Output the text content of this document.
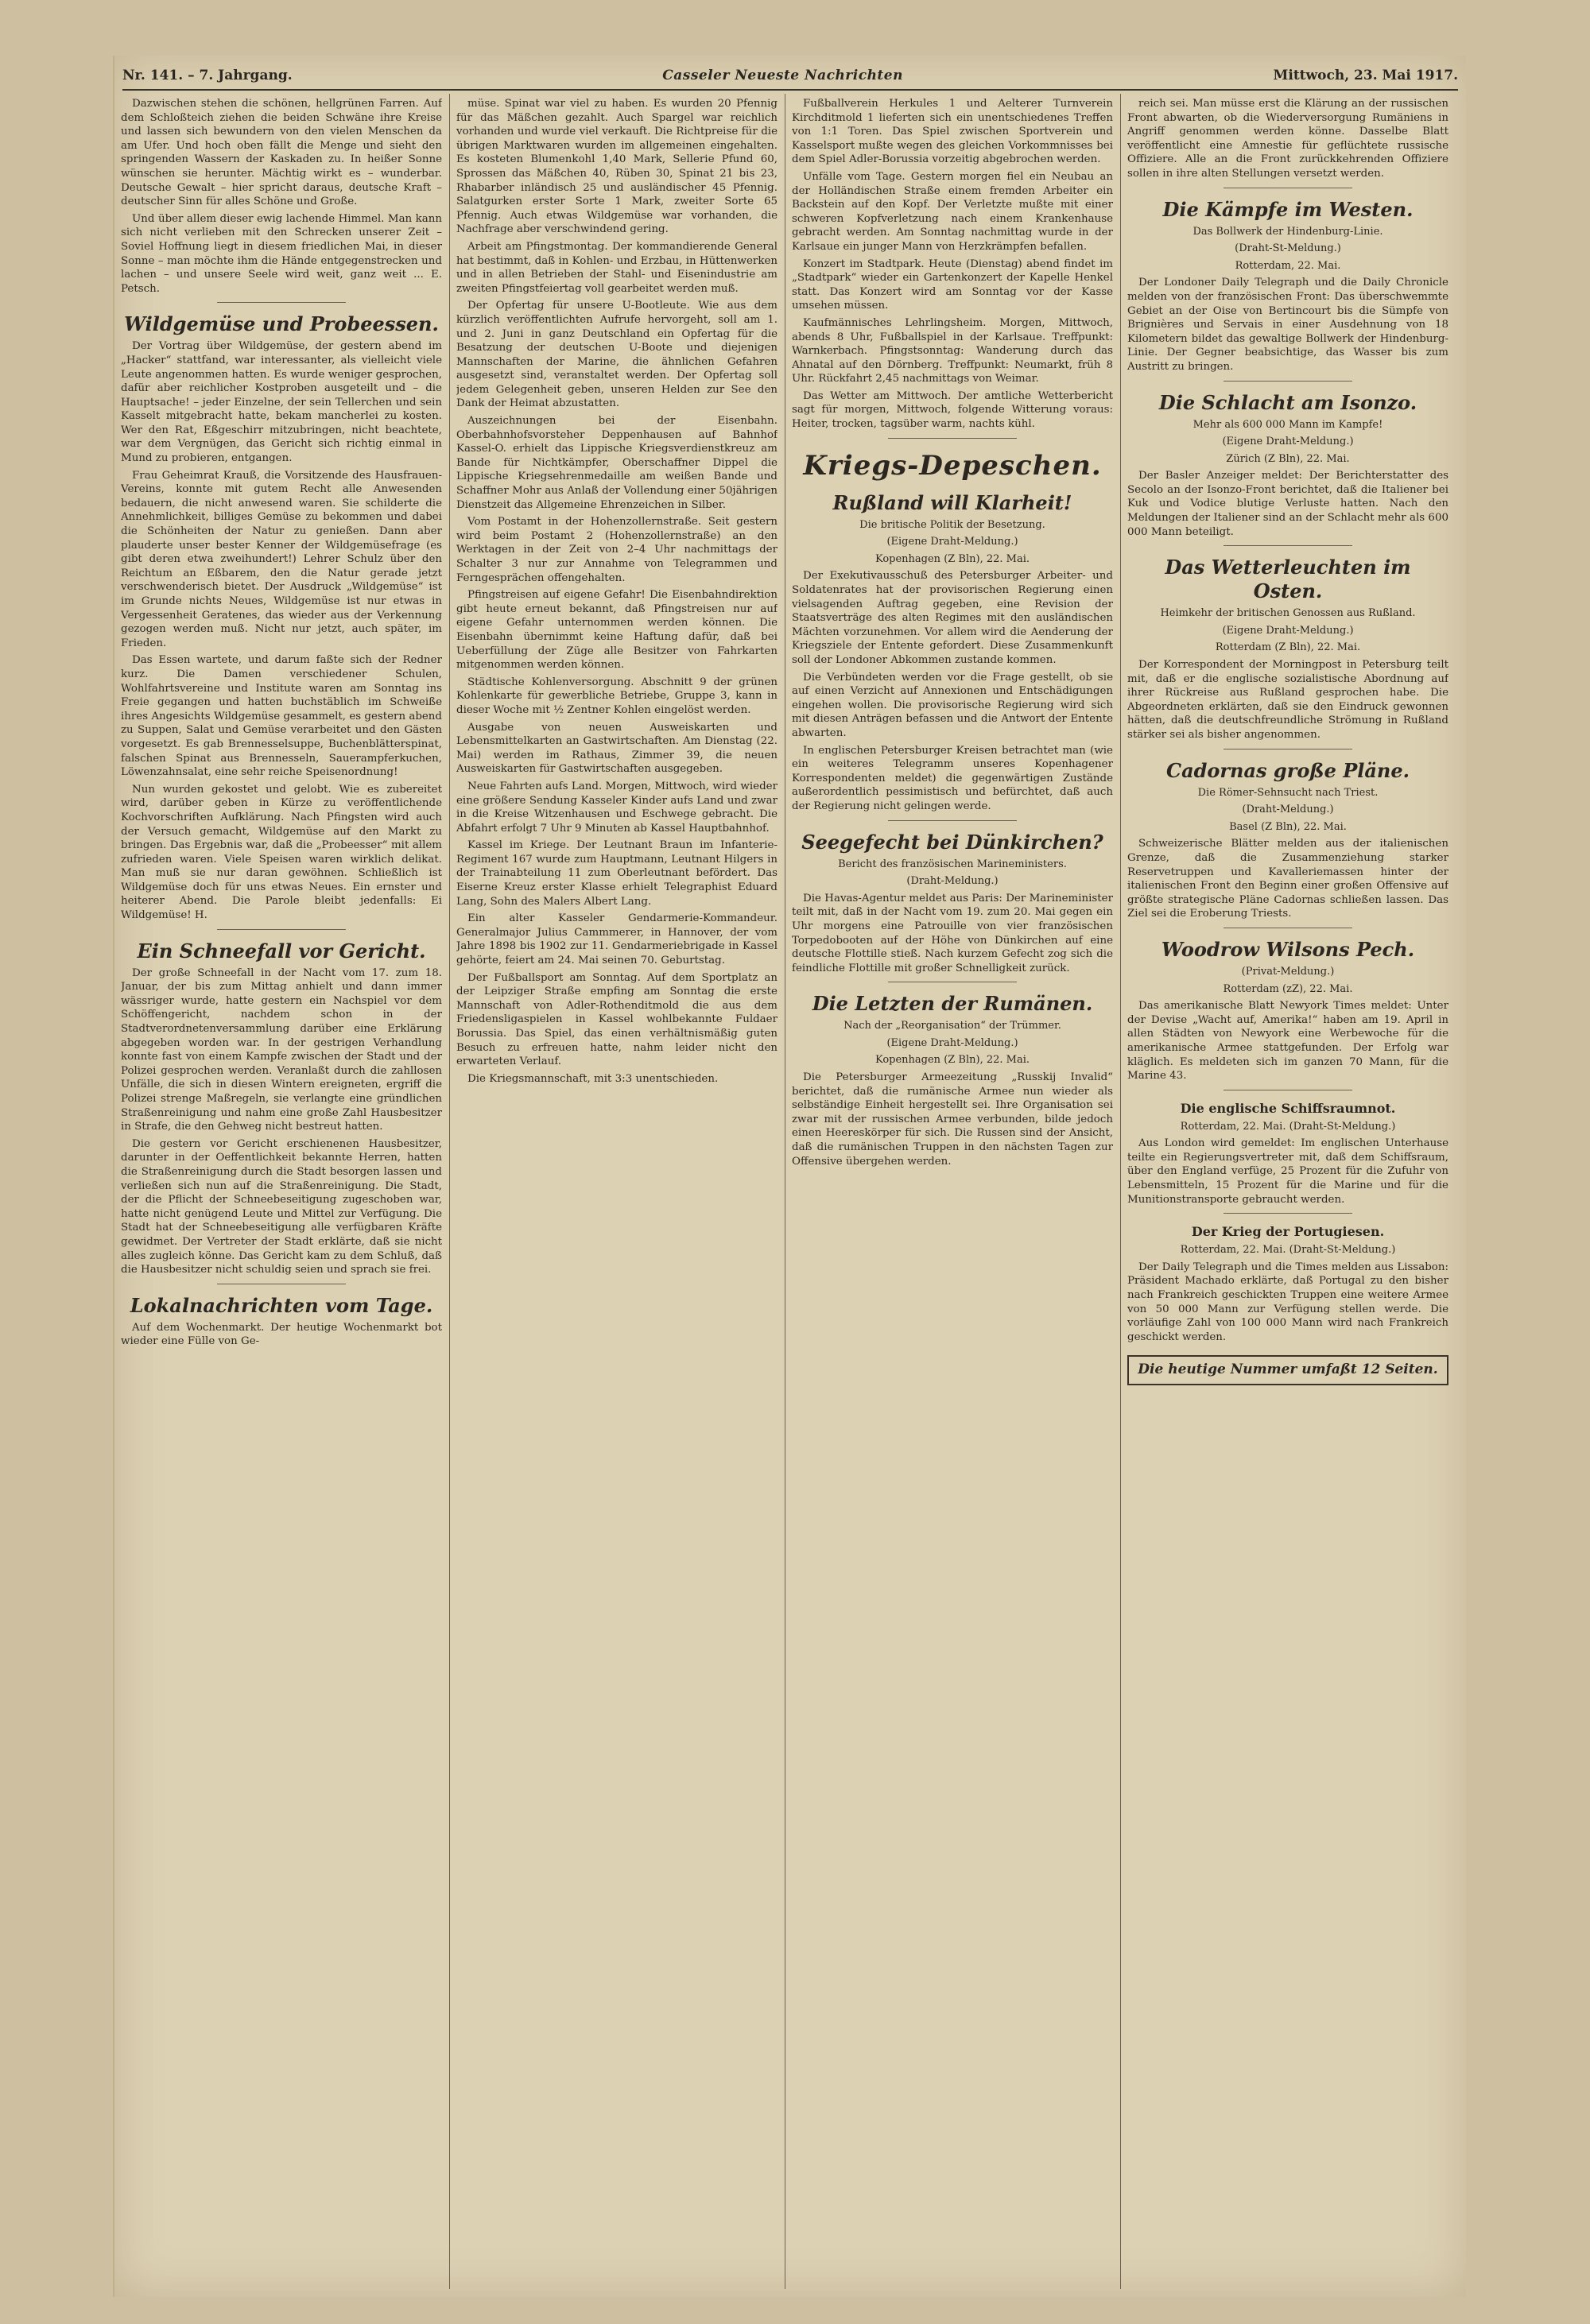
Nr. 141. – 7. Jahrgang.	Casseler Neueste Nachrichten	Mittwoch, 23. Mai 1917.

Dazwischen stehen die schönen, hellgrünen Farren. Auf dem Schloßteich ziehen die beiden Schwäne ihre Kreise und lassen sich bewundern von den vielen Menschen da am Ufer. Und hoch oben fällt die Menge und sieht den springenden Wassern der Kaskaden zu. In heißer Sonne wünschen sie herunter. Mächtig wirkt es – wunderbar. Deutsche Gewalt – hier spricht daraus, deutsche Kraft – deutscher Sinn für alles Schöne und Große.

Und über allem dieser ewig lachende Himmel. Man kann sich nicht verlieben mit den Schrecken unserer Zeit – Soviel Hoffnung liegt in diesem friedlichen Mai, in dieser Sonne – man möchte ihm die Hände entgegenstrecken und lachen – und unsere Seele wird weit, ganz weit ... E. Petsch.

Wildgemüse und Probeessen.

Der Vortrag über Wildgemüse, der gestern abend im „Hacker“ stattfand, war interessanter, als vielleicht viele Leute angenommen hatten. Es wurde weniger gesprochen, dafür aber reichlicher Kostproben ausgeteilt und – die Hauptsache! – jeder Einzelne, der sein Tellerchen und sein Kasselt mitgebracht hatte, bekam mancherlei zu kosten. Wer den Rat, Eßgeschirr mitzubringen, nicht beachtete, war dem Vergnügen, das Gericht sich richtig einmal in Mund zu probieren, entgangen.

Frau Geheimrat Krauß, die Vorsitzende des Hausfrauen-Vereins, konnte mit gutem Recht alle Anwesenden bedauern, die nicht anwesend waren. Sie schilderte die Annehmlichkeit, billiges Gemüse zu bekommen und dabei die Schönheiten der Natur zu genießen. Dann aber plauderte unser bester Kenner der Wildgemüsefrage (es gibt deren etwa zweihundert!) Lehrer Schulz über den Reichtum an Eßbarem, den die Natur gerade jetzt verschwenderisch bietet. Der Ausdruck „Wildgemüse“ ist im Grunde nichts Neues, Wildgemüse ist nur etwas in Vergessenheit Geratenes, das wieder aus der Verkennung gezogen werden muß. Nicht nur jetzt, auch später, im Frieden.

Das Essen wartete, und darum faßte sich der Redner kurz. Die Damen verschiedener Schulen, Wohlfahrtsvereine und Institute waren am Sonntag ins Freie gegangen und hatten buchstäblich im Schweiße ihres Angesichts Wildgemüse gesammelt, es gestern abend zu Suppen, Salat und Gemüse verarbeitet und den Gästen vorgesetzt. Es gab Brennesselsuppe, Buchenblätterspinat, falschen Spinat aus Brennesseln, Sauerampferkuchen, Löwenzahnsalat, eine sehr reiche Speisenordnung!

Nun wurden gekostet und gelobt. Wie es zubereitet wird, darüber geben in Kürze zu veröffentlichende Kochvorschriften Aufklärung. Nach Pfingsten wird auch der Versuch gemacht, Wildgemüse auf den Markt zu bringen. Das Ergebnis war, daß die „Probeesser“ mit allem zufrieden waren. Viele Speisen waren wirklich delikat. Man muß sie nur daran gewöhnen. Schließlich ist Wildgemüse doch für uns etwas Neues. Ein ernster und heiterer Abend. Die Parole bleibt jedenfalls: Ei Wildgemüse! H.

Ein Schneefall vor Gericht.

Der große Schneefall in der Nacht vom 17. zum 18. Januar, der bis zum Mittag anhielt und dann immer wässriger wurde, hatte gestern ein Nachspiel vor dem Schöffengericht, nachdem schon in der Stadtverordnetenversammlung darüber eine Erklärung abgegeben worden war. In der gestrigen Verhandlung konnte fast von einem Kampfe zwischen der Stadt und der Polizei gesprochen werden. Veranlaßt durch die zahllosen Unfälle, die sich in diesen Wintern ereigneten, ergriff die Polizei strenge Maßregeln, sie verlangte eine gründlichen Straßenreinigung und nahm eine große Zahl Hausbesitzer in Strafe, die den Gehweg nicht bestreut hatten.

Die gestern vor Gericht erschienenen Hausbesitzer, darunter in der Oeffentlichkeit bekannte Herren, hatten die Straßenreinigung durch die Stadt besorgen lassen und verließen sich nun auf die Straßenreinigung. Die Stadt, der die Pflicht der Schneebeseitigung zugeschoben war, hatte nicht genügend Leute und Mittel zur Verfügung. Die Stadt hat der Schneebeseitigung alle verfügbaren Kräfte gewidmet. Der Vertreter der Stadt erklärte, daß sie nicht alles zugleich könne. Das Gericht kam zu dem Schluß, daß die Hausbesitzer nicht schuldig seien und sprach sie frei.

Lokalnachrichten vom Tage.

Auf dem Wochenmarkt. Der heutige Wochenmarkt bot wieder eine Fülle von Ge-

müse. Spinat war viel zu haben. Es wurden 20 Pfennig für das Mäßchen gezahlt. Auch Spargel war reichlich vorhanden und wurde viel verkauft. Die Richtpreise für die übrigen Marktwaren wurden im allgemeinen eingehalten. Es kosteten Blumenkohl 1,40 Mark, Sellerie Pfund 60, Sprossen das Mäßchen 40, Rüben 30, Spinat 21 bis 23, Rhabarber inländisch 25 und ausländischer 45 Pfennig. Salatgurken erster Sorte 1 Mark, zweiter Sorte 65 Pfennig. Auch etwas Wildgemüse war vorhanden, die Nachfrage aber verschwindend gering.

Arbeit am Pfingstmontag. Der kommandierende General hat bestimmt, daß in Kohlen- und Erzbau, in Hüttenwerken und in allen Betrieben der Stahl- und Eisenindustrie am zweiten Pfingstfeiertag voll gearbeitet werden muß.

Der Opfertag für unsere U-Bootleute. Wie aus dem kürzlich veröffentlichten Aufrufe hervorgeht, soll am 1. und 2. Juni in ganz Deutschland ein Opfertag für die Besatzung der deutschen U-Boote und diejenigen Mannschaften der Marine, die ähnlichen Gefahren ausgesetzt sind, veranstaltet werden. Der Opfertag soll jedem Gelegenheit geben, unseren Helden zur See den Dank der Heimat abzustatten.

Auszeichnungen bei der Eisenbahn. Oberbahnhofsvorsteher Deppenhausen auf Bahnhof Kassel-O. erhielt das Lippische Kriegsverdienstkreuz am Bande für Nichtkämpfer, Oberschaffner Dippel die Lippische Kriegsehrenmedaille am weißen Bande und Schaffner Mohr aus Anlaß der Vollendung einer 50jährigen Dienstzeit das Allgemeine Ehrenzeichen in Silber.

Vom Postamt in der Hohenzollernstraße. Seit gestern wird beim Postamt 2 (Hohenzollernstraße) an den Werktagen in der Zeit von 2–4 Uhr nachmittags der Schalter 3 nur zur Annahme von Telegrammen und Ferngesprächen offengehalten.

Pfingstreisen auf eigene Gefahr! Die Eisenbahndirektion gibt heute erneut bekannt, daß Pfingstreisen nur auf eigene Gefahr unternommen werden können. Die Eisenbahn übernimmt keine Haftung dafür, daß bei Ueberfüllung der Züge alle Besitzer von Fahrkarten mitgenommen werden können.

Städtische Kohlenversorgung. Abschnitt 9 der grünen Kohlenkarte für gewerbliche Betriebe, Gruppe 3, kann in dieser Woche mit ½ Zentner Kohlen eingelöst werden.

Ausgabe von neuen Ausweiskarten und Lebensmittelkarten an Gastwirtschaften. Am Dienstag (22. Mai) werden im Rathaus, Zimmer 39, die neuen Ausweiskarten für Gastwirtschaften ausgegeben.

Neue Fahrten aufs Land. Morgen, Mittwoch, wird wieder eine größere Sendung Kasseler Kinder aufs Land und zwar in die Kreise Witzenhausen und Eschwege gebracht. Die Abfahrt erfolgt 7 Uhr 9 Minuten ab Kassel Hauptbahnhof.

Kassel im Kriege. Der Leutnant Braun im Infanterie-Regiment 167 wurde zum Hauptmann, Leutnant Hilgers in der Trainabteilung 11 zum Oberleutnant befördert. Das Eiserne Kreuz erster Klasse erhielt Telegraphist Eduard Lang, Sohn des Malers Albert Lang.

Ein alter Kasseler Gendarmerie-Kommandeur. Generalmajor Julius Cammmerer, in Hannover, der vom Jahre 1898 bis 1902 zur 11. Gendarmeriebrigade in Kassel gehörte, feiert am 24. Mai seinen 70. Geburtstag.

Der Fußballsport am Sonntag. Auf dem Sportplatz an der Leipziger Straße empfing am Sonntag die erste Mannschaft von Adler-Rothenditmold die aus dem Friedensligaspielen in Kassel wohlbekannte Fuldaer Borussia. Das Spiel, das einen verhältnismäßig guten Besuch zu erfreuen hatte, nahm leider nicht den erwarteten Verlauf.

Die Kriegsmannschaft, mit 3:3 unentschieden.

Fußballverein Herkules 1 und Aelterer Turnverein Kirchditmold 1 lieferten sich ein unentschiedenes Treffen von 1:1 Toren. Das Spiel zwischen Sportverein und Kasselsport mußte wegen des gleichen Vorkommnisses bei dem Spiel Adler-Borussia vorzeitig abgebrochen werden.

Unfälle vom Tage. Gestern morgen fiel ein Neubau an der Holländischen Straße einem fremden Arbeiter ein Backstein auf den Kopf. Der Verletzte mußte mit einer schweren Kopfverletzung nach einem Krankenhause gebracht werden. Am Sonntag nachmittag wurde in der Karlsaue ein junger Mann von Herzkrämpfen befallen.

Konzert im Stadtpark. Heute (Dienstag) abend findet im „Stadtpark“ wieder ein Gartenkonzert der Kapelle Henkel statt. Das Konzert wird am Sonntag vor der Kasse umsehen müssen.

Kaufmännisches Lehrlingsheim. Morgen, Mittwoch, abends 8 Uhr, Fußballspiel in der Karlsaue. Treffpunkt: Warnkerbach. Pfingstsonntag: Wanderung durch das Ahnatal auf den Dörnberg. Treffpunkt: Neumarkt, früh 8 Uhr. Rückfahrt 2,45 nachmittags von Weimar.

Das Wetter am Mittwoch. Der amtliche Wetterbericht sagt für morgen, Mittwoch, folgende Witterung voraus: Heiter, trocken, tagsüber warm, nachts kühl.

Kriegs-Depeschen.
Rußland will Klarheit!
Die britische Politik der Besetzung.
(Eigene Draht-Meldung.)
Kopenhagen (Z Bln), 22. Mai.

Der Exekutivausschuß des Petersburger Arbeiter- und Soldatenrates hat der provisorischen Regierung einen vielsagenden Auftrag gegeben, eine Revision der Staatsverträge des alten Regimes mit den ausländischen Mächten vorzunehmen. Vor allem wird die Aenderung der Kriegsziele der Entente gefordert. Diese Zusammenkunft soll der Londoner Abkommen zustande kommen.

Die Verbündeten werden vor die Frage gestellt, ob sie auf einen Verzicht auf Annexionen und Entschädigungen eingehen wollen. Die provisorische Regierung wird sich mit diesen Anträgen befassen und die Antwort der Entente abwarten.

In englischen Petersburger Kreisen betrachtet man (wie ein weiteres Telegramm unseres Kopenhagener Korrespondenten meldet) die gegenwärtigen Zustände außerordentlich pessimistisch und befürchtet, daß auch der Regierung nicht gelingen werde.

Seegefecht bei Dünkirchen?
Bericht des französischen Marineministers.
(Draht-Meldung.)

Die Havas-Agentur meldet aus Paris: Der Marineminister teilt mit, daß in der Nacht vom 19. zum 20. Mai gegen ein Uhr morgens eine Patrouille von vier französischen Torpedobooten auf der Höhe von Dünkirchen auf eine deutsche Flottille stieß. Nach kurzem Gefecht zog sich die feindliche Flottille mit großer Schnelligkeit zurück.

Die Letzten der Rumänen.
Nach der „Reorganisation“ der Trümmer.
(Eigene Draht-Meldung.)
Kopenhagen (Z Bln), 22. Mai.

Die Petersburger Armeezeitung „Russkij Invalid“ berichtet, daß die rumänische Armee nun wieder als selbständige Einheit hergestellt sei. Ihre Organisation sei zwar mit der russischen Armee verbunden, bilde jedoch einen Heereskörper für sich. Die Russen sind der Ansicht, daß die rumänischen Truppen in den nächsten Tagen zur Offensive übergehen werden.

reich sei. Man müsse erst die Klärung an der russischen Front abwarten, ob die Wiederversorgung Rumäniens in Angriff genommen werden könne. Dasselbe Blatt veröffentlicht eine Amnestie für geflüchtete russische Offiziere. Alle an die Front zurückkehrenden Offiziere sollen in ihre alten Stellungen versetzt werden.

Die Kämpfe im Westen.
Das Bollwerk der Hindenburg-Linie.
(Draht-St-Meldung.)
Rotterdam, 22. Mai.

Der Londoner Daily Telegraph und die Daily Chronicle melden von der französischen Front: Das überschwemmte Gebiet an der Oise von Bertincourt bis die Sümpfe von Brignières und Servais in einer Ausdehnung von 18 Kilometern bildet das gewaltige Bollwerk der Hindenburg-Linie. Der Gegner beabsichtige, das Wasser bis zum Austritt zu bringen.

Die Schlacht am Isonzo.
Mehr als 600 000 Mann im Kampfe!
(Eigene Draht-Meldung.)
Zürich (Z Bln), 22. Mai.

Der Basler Anzeiger meldet: Der Berichterstatter des Secolo an der Isonzo-Front berichtet, daß die Italiener bei Kuk und Vodice blutige Verluste hatten. Nach den Meldungen der Italiener sind an der Schlacht mehr als 600 000 Mann beteiligt.

Das Wetterleuchten im Osten.
Heimkehr der britischen Genossen aus Rußland.
(Eigene Draht-Meldung.)
Rotterdam (Z Bln), 22. Mai.

Der Korrespondent der Morningpost in Petersburg teilt mit, daß er die englische sozialistische Abordnung auf ihrer Rückreise aus Rußland gesprochen habe. Die Abgeordneten erklärten, daß sie den Eindruck gewonnen hätten, daß die deutschfreundliche Strömung in Rußland stärker sei als bisher angenommen.

Cadornas große Pläne.
Die Römer-Sehnsucht nach Triest.
(Draht-Meldung.)
Basel (Z Bln), 22. Mai.

Schweizerische Blätter melden aus der italienischen Grenze, daß die Zusammenziehung starker Reservetruppen und Kavalleriemassen hinter der italienischen Front den Beginn einer großen Offensive auf größte strategische Pläne Cadornas schließen lassen. Das Ziel sei die Eroberung Triests.

Woodrow Wilsons Pech.
(Privat-Meldung.)
Rotterdam (zZ), 22. Mai.

Das amerikanische Blatt Newyork Times meldet: Unter der Devise „Wacht auf, Amerika!“ haben am 19. April in allen Städten von Newyork eine Werbewoche für die amerikanische Armee stattgefunden. Der Erfolg war kläglich. Es meldeten sich im ganzen 70 Mann, für die Marine 43.

Die englische Schiffsraumnot.
Rotterdam, 22. Mai. (Draht-St-Meldung.)

Aus London wird gemeldet: Im englischen Unterhause teilte ein Regierungsvertreter mit, daß dem Schiffsraum, über den England verfüge, 25 Prozent für die Zufuhr von Lebensmitteln, 15 Prozent für die Marine und für die Munitionstransporte gebraucht werden.

Der Krieg der Portugiesen.
Rotterdam, 22. Mai. (Draht-St-Meldung.)

Der Daily Telegraph und die Times melden aus Lissabon: Präsident Machado erklärte, daß Portugal zu den bisher nach Frankreich geschickten Truppen eine weitere Armee von 50 000 Mann zur Verfügung stellen werde. Die vorläufige Zahl von 100 000 Mann wird nach Frankreich geschickt werden.

Die heutige Nummer umfaßt 12 Seiten.
